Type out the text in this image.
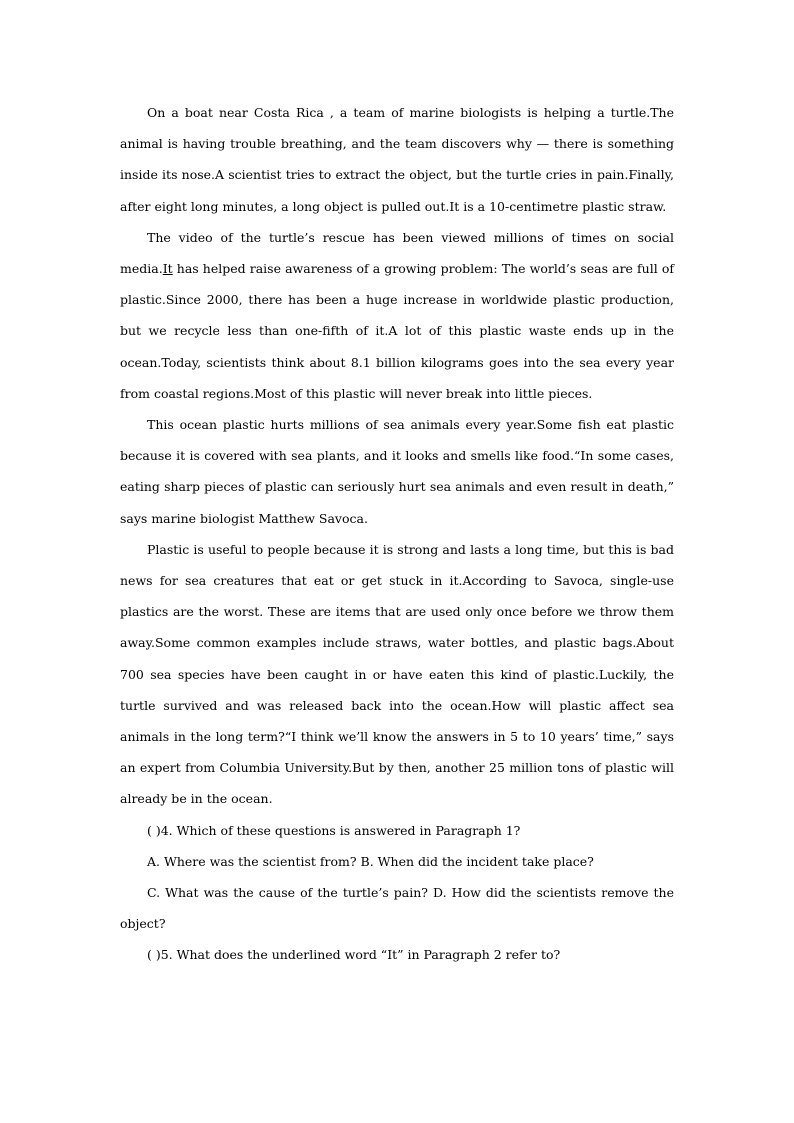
On a boat near Costa Rica , a team of marine biologists is helping a turtle.The animal is having trouble breathing, and the team discovers why — there is something inside its nose.A scientist tries to extract the object, but the turtle cries in pain.Finally, after eight long minutes, a long object is pulled out.It is a 10-centimetre plastic straw.

The video of the turtle’s rescue has been viewed millions of times on social media.It has helped raise awareness of a growing problem: The world’s seas are full of plastic.Since 2000, there has been a huge increase in worldwide plastic production, but we recycle less than one-fifth of it.A lot of this plastic waste ends up in the ocean.Today, scientists think about 8.1 billion kilograms goes into the sea every year from coastal regions.Most of this plastic will never break into little pieces.

This ocean plastic hurts millions of sea animals every year.Some fish eat plastic because it is covered with sea plants, and it looks and smells like food.“In some cases, eating sharp pieces of plastic can seriously hurt sea animals and even result in death,” says marine biologist Matthew Savoca.

Plastic is useful to people because it is strong and lasts a long time, but this is bad news for sea creatures that eat or get stuck in it.According to Savoca, single-use plastics are the worst. These are items that are used only once before we throw them away.Some common examples include straws, water bottles, and plastic bags.About 700 sea species have been caught in or have eaten this kind of plastic.Luckily, the turtle survived and was released back into the ocean.How will plastic affect sea animals in the long term?“I think we’ll know the answers in 5 to 10 years’ time,” says an expert from Columbia University.But by then, another 25 million tons of plastic will already be in the ocean.

( )4. Which of these questions is answered in Paragraph 1?

A. Where was the scientist from? B. When did the incident take place?

C. What was the cause of the turtle’s pain? D. How did the scientists remove the object?

( )5. What does the underlined word “It” in Paragraph 2 refer to?
